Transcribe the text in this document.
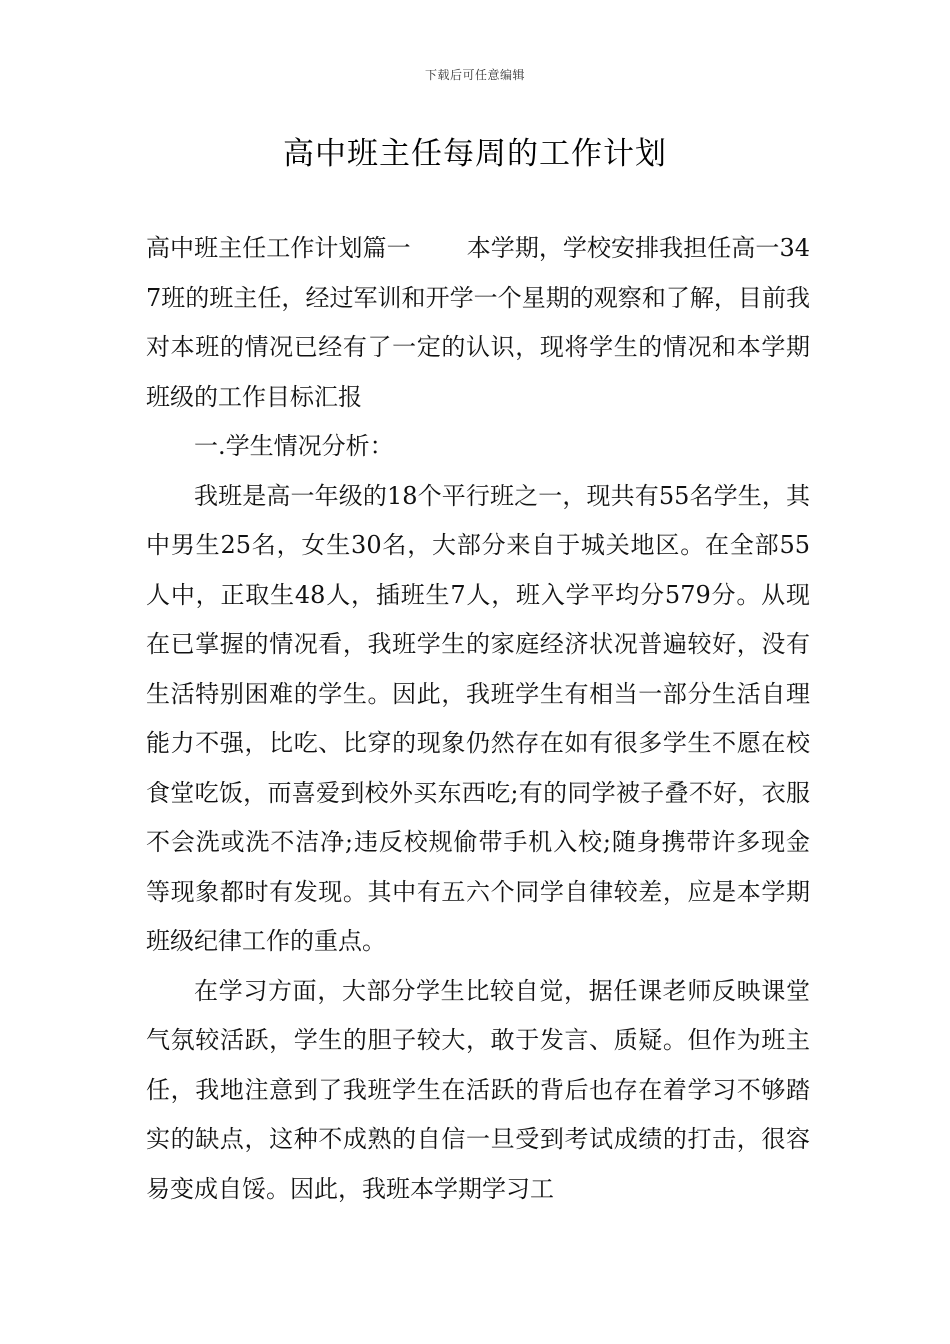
下载后可任意编辑
高中班主任每周的工作计划

高中班主任工作计划篇一 本学期，学校安排我担任高一347班的班主任，经过军训和开学一个星期的观察和了解，目前我对本班的情况已经有了一定的认识，现将学生的情况和本学期班级的工作目标汇报

一.学生情况分析：

我班是高一年级的18个平行班之一，现共有55名学生，其中男生25名，女生30名，大部分来自于城关地区。在全部55人中，正取生48人，插班生7人，班入学平均分579分。从现在已掌握的情况看，我班学生的家庭经济状况普遍较好，没有生活特别困难的学生。因此，我班学生有相当一部分生活自理能力不强，比吃、比穿的现象仍然存在如有很多学生不愿在校食堂吃饭，而喜爱到校外买东西吃;有的同学被子叠不好，衣服不会洗或洗不洁净;违反校规偷带手机入校;随身携带许多现金等现象都时有发现。其中有五六个同学自律较差，应是本学期班级纪律工作的重点。

在学习方面，大部分学生比较自觉，据任课老师反映课堂气氛较活跃，学生的胆子较大，敢于发言、质疑。但作为班主任，我地注意到了我班学生在活跃的背后也存在着学习不够踏实的缺点，这种不成熟的自信一旦受到考试成绩的打击，很容易变成自馁。因此，我班本学期学习工
